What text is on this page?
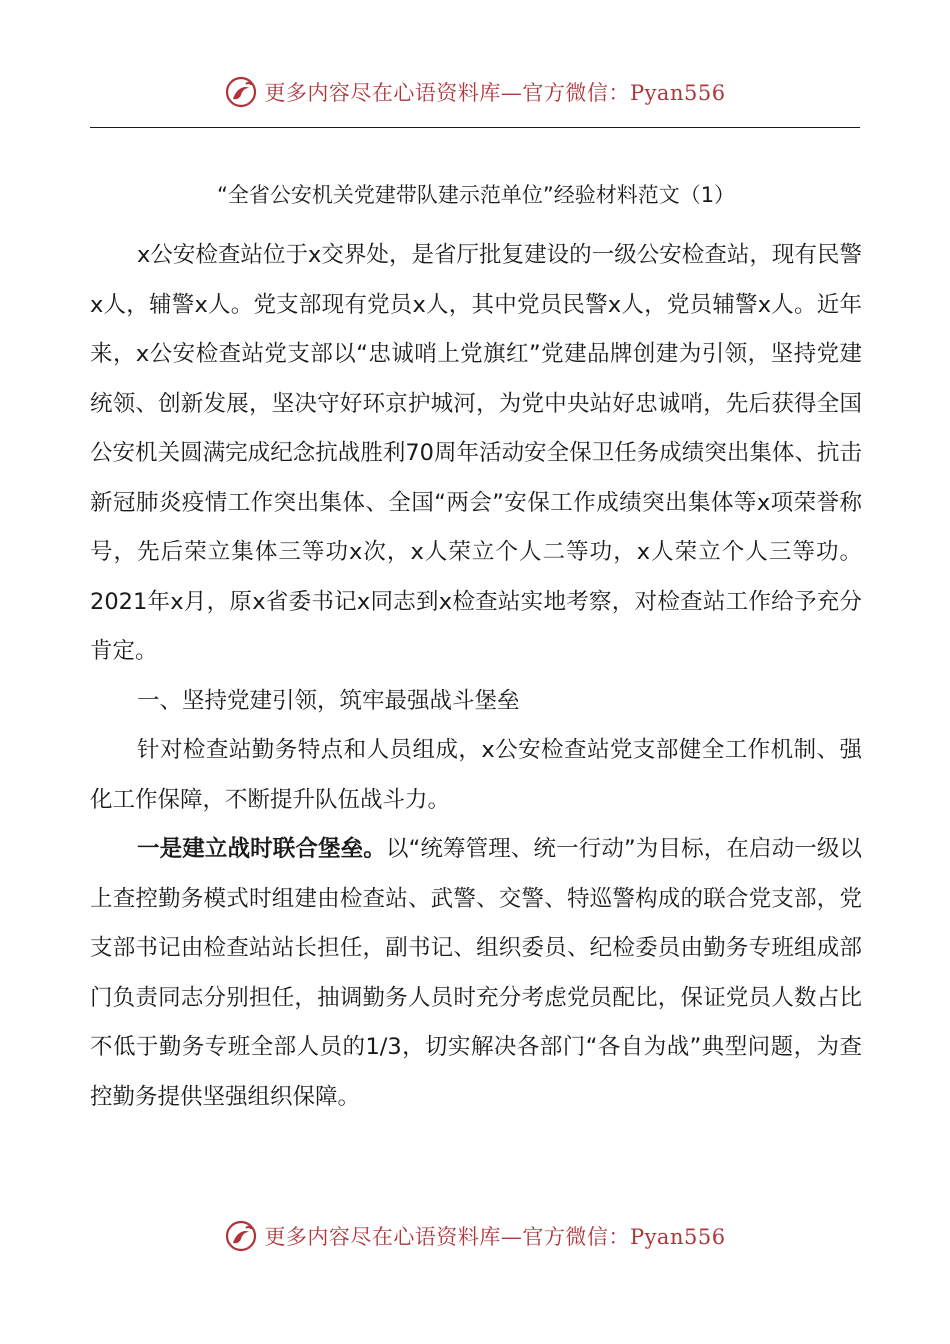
更多内容尽在心语资料库—官方微信：Pyan556
“全省公安机关党建带队建示范单位”经验材料范文（1）

x公安检查站位于x交界处，是省厅批复建设的一级公安检查站，现有民警x人，辅警x人。党支部现有党员x人，其中党员民警x人，党员辅警x人。近年来，x公安检查站党支部以“忠诚哨上党旗红”党建品牌创建为引领，坚持党建统领、创新发展，坚决守好环京护城河，为党中央站好忠诚哨，先后获得全国公安机关圆满完成纪念抗战胜利70周年活动安全保卫任务成绩突出集体、抗击新冠肺炎疫情工作突出集体、全国“两会”安保工作成绩突出集体等x项荣誉称号，先后荣立集体三等功x次，x人荣立个人二等功，x人荣立个人三等功。2021年x月，原x省委书记x同志到x检查站实地考察，对检查站工作给予充分肯定。

一、坚持党建引领，筑牢最强战斗堡垒

针对检查站勤务特点和人员组成，x公安检查站党支部健全工作机制、强化工作保障，不断提升队伍战斗力。

一是建立战时联合堡垒。以“统筹管理、统一行动”为目标，在启动一级以上查控勤务模式时组建由检查站、武警、交警、特巡警构成的联合党支部，党支部书记由检查站站长担任，副书记、组织委员、纪检委员由勤务专班组成部门负责同志分别担任，抽调勤务人员时充分考虑党员配比，保证党员人数占比不低于勤务专班全部人员的1/3，切实解决各部门“各自为战”典型问题，为查控勤务提供坚强组织保障。

更多内容尽在心语资料库—官方微信：Pyan556
